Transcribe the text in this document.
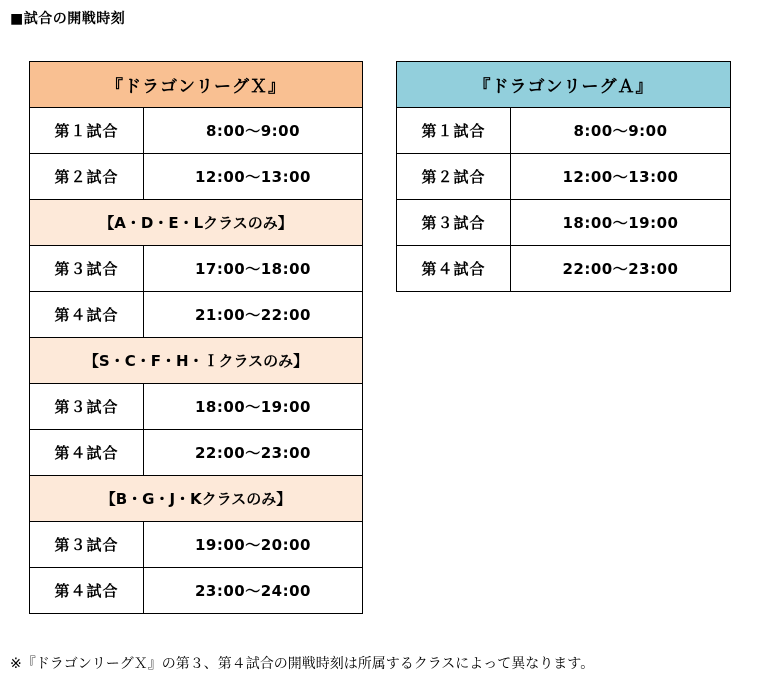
■試合の開戦時刻
『ドラゴンリーグＸ』	
第１試合	8:00～9:00
第２試合	12:00～13:00
【A・D・E・Lクラスのみ】	
第３試合	17:00～18:00
第４試合	21:00～22:00
【S・C・F・H・Ｉクラスのみ】	
第３試合	18:00～19:00
第４試合	22:00～23:00
【B・G・J・Kクラスのみ】	
第３試合	19:00～20:00
第４試合	23:00～24:00
『ドラゴンリーグＡ』	
第１試合	8:00～9:00
第２試合	12:00～13:00
第３試合	18:00～19:00
第４試合	22:00～23:00
※『ドラゴンリーグＸ』の第３、第４試合の開戦時刻は所属するクラスによって異なります。
